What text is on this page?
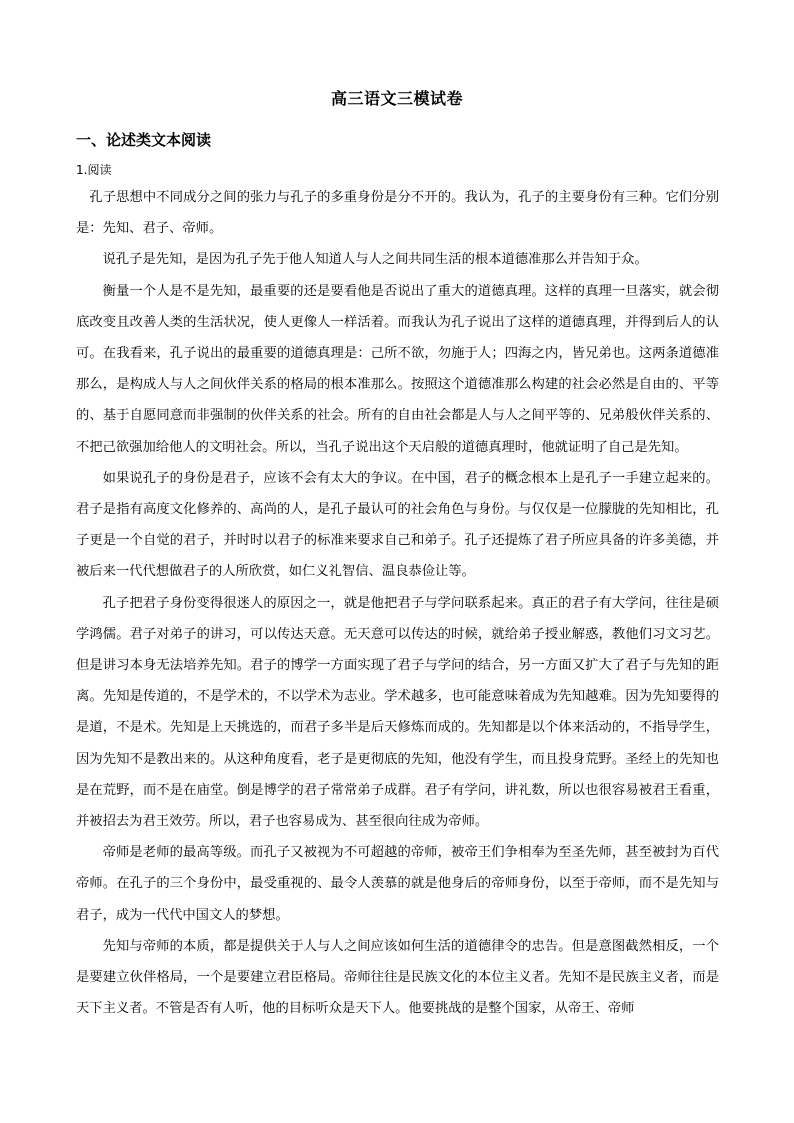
高三语文三模试卷
一、论述类文本阅读
1.阅读

孔子思想中不同成分之间的张力与孔子的多重身份是分不开的。我认为，孔子的主要身份有三种。它们分别是：先知、君子、帝师。

说孔子是先知，是因为孔子先于他人知道人与人之间共同生活的根本道德准那么并告知于众。

衡量一个人是不是先知，最重要的还是要看他是否说出了重大的道德真理。这样的真理一旦落实，就会彻底改变且改善人类的生活状况，使人更像人一样活着。而我认为孔子说出了这样的道德真理，并得到后人的认可。在我看来，孔子说出的最重要的道德真理是：己所不欲，勿施于人；四海之内，皆兄弟也。这两条道德准那么，是构成人与人之间伙伴关系的格局的根本准那么。按照这个道德准那么构建的社会必然是自由的、平等的、基于自愿同意而非强制的伙伴关系的社会。所有的自由社会都是人与人之间平等的、兄弟般伙伴关系的、不把己欲强加给他人的文明社会。所以，当孔子说出这个天启般的道德真理时，他就证明了自己是先知。

如果说孔子的身份是君子，应该不会有太大的争议。在中国，君子的概念根本上是孔子一手建立起来的。君子是指有高度文化修养的、高尚的人，是孔子最认可的社会角色与身份。与仅仅是一位朦胧的先知相比，孔子更是一个自觉的君子，并时时以君子的标准来要求自己和弟子。孔子还提炼了君子所应具备的许多美德，并被后来一代代想做君子的人所欣赏，如仁义礼智信、温良恭俭让等。

孔子把君子身份变得很迷人的原因之一，就是他把君子与学问联系起来。真正的君子有大学问，往往是硕学鸿儒。君子对弟子的讲习，可以传达天意。无天意可以传达的时候，就给弟子授业解惑，教他们习文习艺。但是讲习本身无法培养先知。君子的博学一方面实现了君子与学问的结合，另一方面又扩大了君子与先知的距离。先知是传道的，不是学术的，不以学术为志业。学术越多，也可能意味着成为先知越难。因为先知要得的是道，不是术。先知是上天挑选的，而君子多半是后天修炼而成的。先知都是以个体来活动的，不指导学生，因为先知不是教出来的。从这种角度看，老子是更彻底的先知，他没有学生，而且投身荒野。圣经上的先知也是在荒野，而不是在庙堂。倒是博学的君子常常弟子成群。君子有学问，讲礼数，所以也很容易被君王看重，并被招去为君王效劳。所以，君子也容易成为、甚至很向往成为帝师。

帝师是老师的最高等级。而孔子又被视为不可超越的帝师，被帝王们争相奉为至圣先师，甚至被封为百代帝师。在孔子的三个身份中，最受重视的、最令人羡慕的就是他身后的帝师身份，以至于帝师，而不是先知与君子，成为一代代中国文人的梦想。

先知与帝师的本质，都是提供关于人与人之间应该如何生活的道德律令的忠告。但是意图截然相反，一个是要建立伙伴格局，一个是要建立君臣格局。帝师往往是民族文化的本位主义者。先知不是民族主义者，而是天下主义者。不管是否有人听，他的目标听众是天下人。他要挑战的是整个国家，从帝王、帝师
